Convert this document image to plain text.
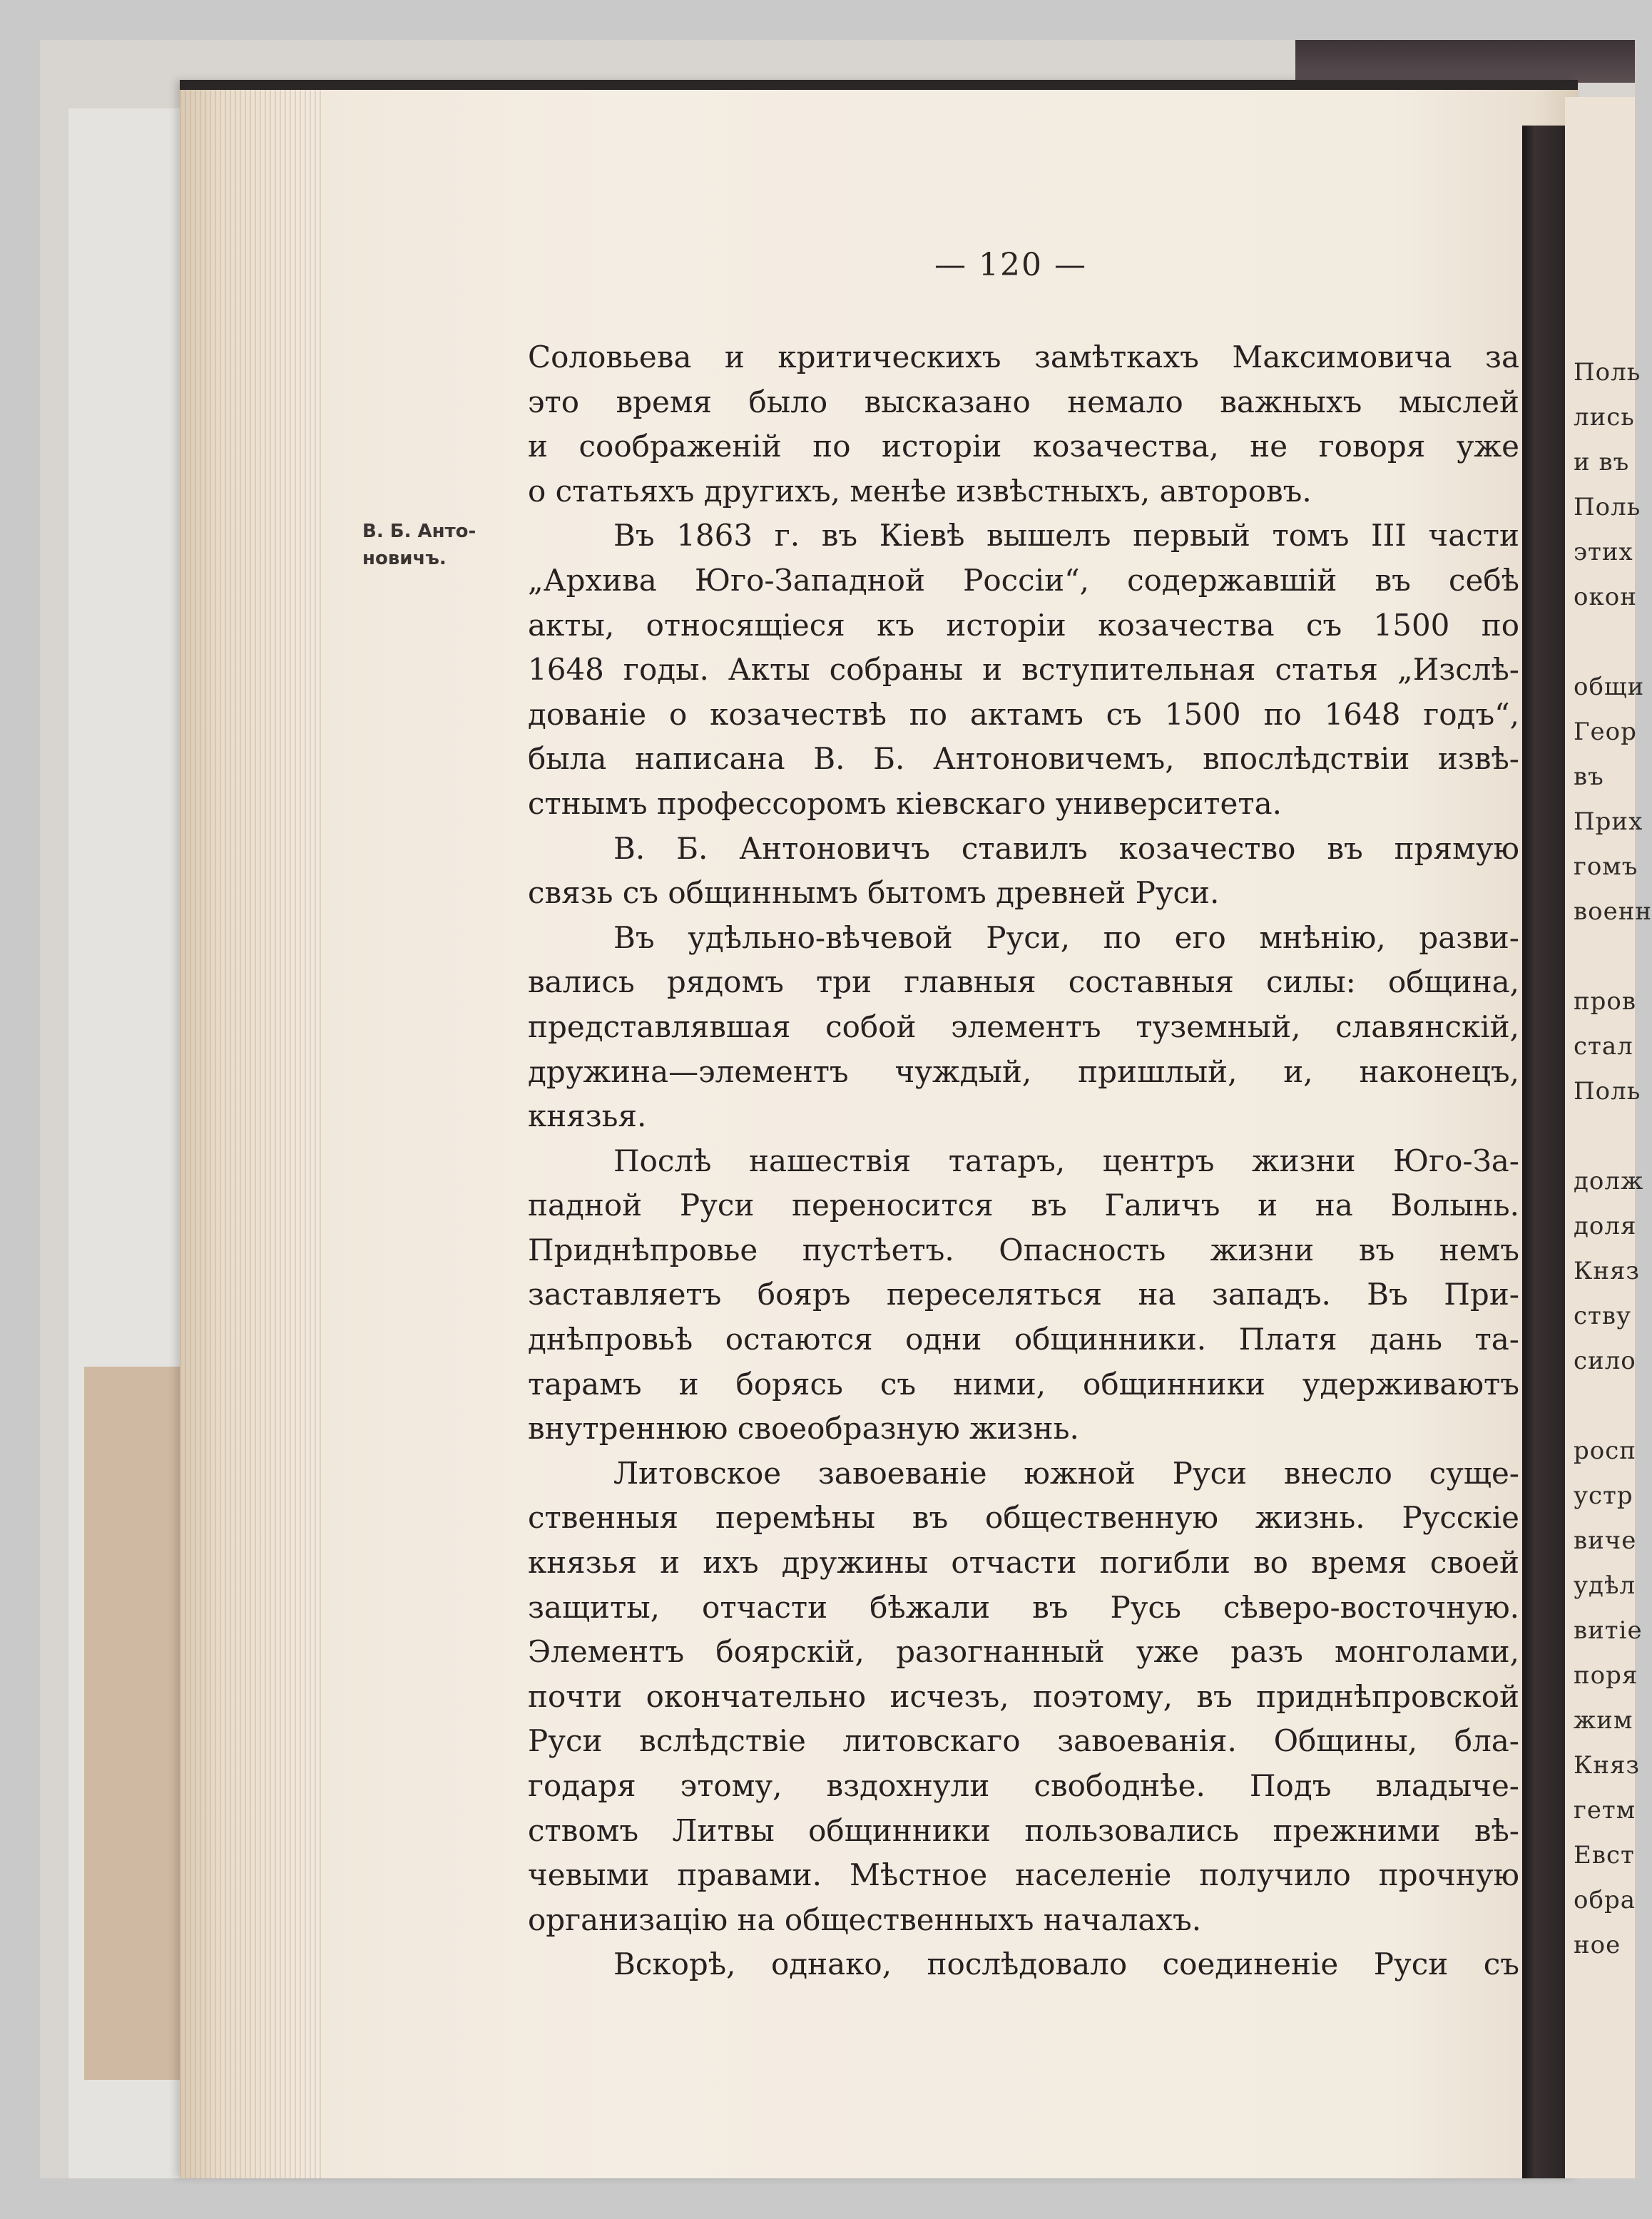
Поль
лись
и въ
Поль
этих
окон
общи
Геор
въ
Прих
гомъ
военн
пров
стал
Поль
долж
доля
Княз
ству
сило
росп
устр
виче
удѣл
витіе
поря
жим
Княз
гетм
Евст
обра
ное
— 120 —
В. Б. Анто-
новичъ.
Соловьева и критическихъ замѣткахъ Максимовича за
это время было высказано немало важныхъ мыслей
и соображеній по исторіи козачества, не говоря уже
о статьяхъ другихъ, менѣе извѣстныхъ, авторовъ.
Въ 1863 г. въ Кіевѣ вышелъ первый томъ III части
„Архива Юго-Западной Россіи“, содержавшій въ себѣ
акты, относящіеся къ исторіи козачества съ 1500 по
1648 годы. Акты собраны и вступительная статья „Изслѣ-
дованіе о козачествѣ по актамъ съ 1500 по 1648 годъ“,
была написана В. Б. Антоновичемъ, впослѣдствіи извѣ-
стнымъ профессоромъ кіевскаго университета.
В. Б. Антоновичъ ставилъ козачество въ прямую
связь съ общиннымъ бытомъ древней Руси.
Въ удѣльно-вѣчевой Руси, по его мнѣнію, разви-
вались рядомъ три главныя составныя силы: община,
представлявшая собой элементъ туземный, славянскій,
дружина—элементъ чуждый, пришлый, и, наконецъ,
князья.
Послѣ нашествія татаръ, центръ жизни Юго-За-
падной Руси переносится въ Галичъ и на Волынь.
Приднѣпровье пустѣетъ. Опасность жизни въ немъ
заставляетъ бояръ переселяться на западъ. Въ При-
днѣпровьѣ остаются одни общинники. Платя дань та-
тарамъ и борясь съ ними, общинники удерживаютъ
внутреннюю своеобразную жизнь.
Литовское завоеваніе южной Руси внесло суще-
ственныя перемѣны въ общественную жизнь. Русскіе
князья и ихъ дружины отчасти погибли во время своей
защиты, отчасти бѣжали въ Русь сѣверо-восточную.
Элементъ боярскій, разогнанный уже разъ монголами,
почти окончательно исчезъ, поэтому, въ приднѣпровской
Руси вслѣдствіе литовскаго завоеванія. Общины, бла-
годаря этому, вздохнули свободнѣе. Подъ владыче-
ствомъ Литвы общинники пользовались прежними вѣ-
чевыми правами. Мѣстное населеніе получило прочную
организацію на общественныхъ началахъ.
Вскорѣ, однако, послѣдовало соединеніе Руси съ
